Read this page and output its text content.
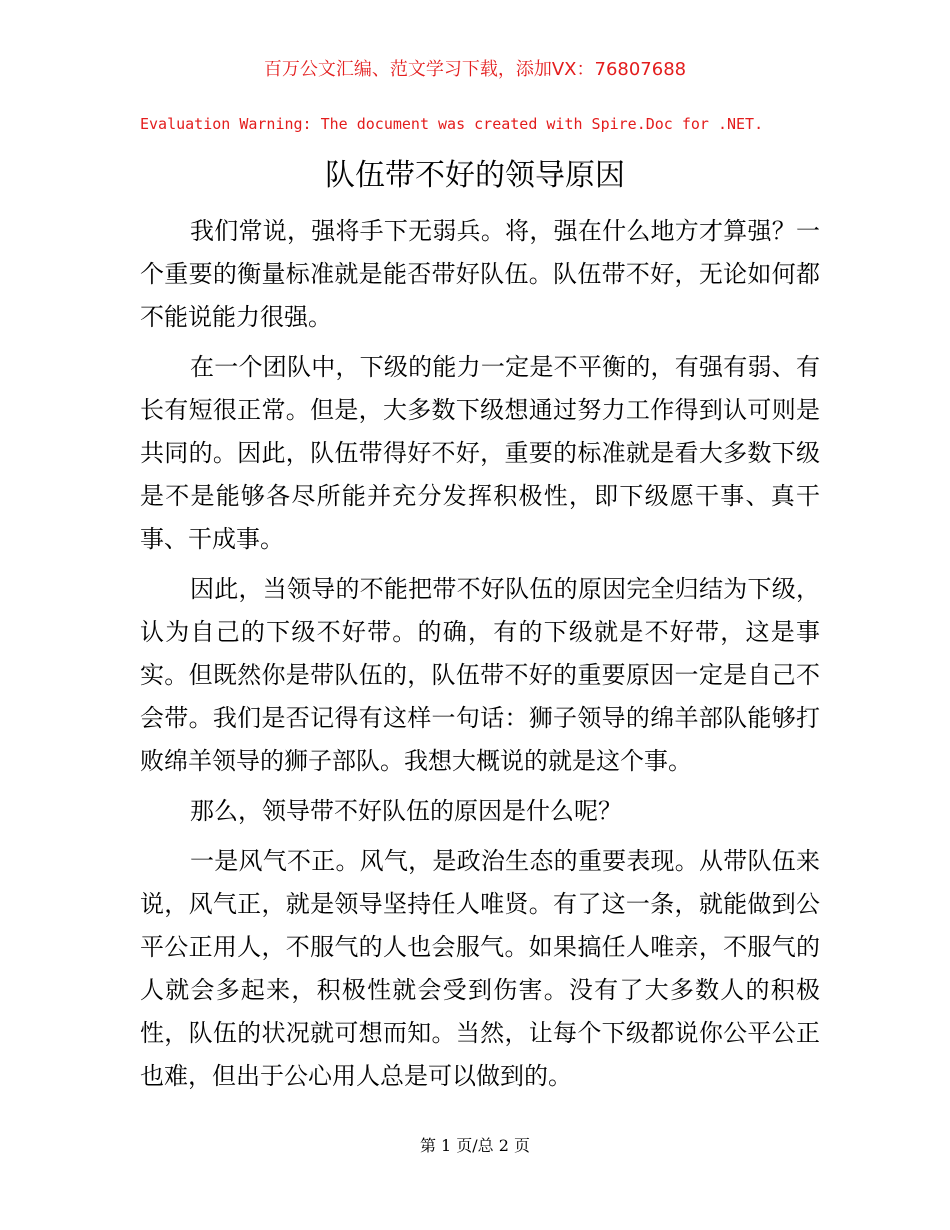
百万公文汇编、范文学习下载，添加VX：76807688
Evaluation Warning: The document was created with Spire.Doc for .NET.
队伍带不好的领导原因

我们常说，强将手下无弱兵。将，强在什么地方才算强？一个重要的衡量标准就是能否带好队伍。队伍带不好，无论如何都不能说能力很强。

在一个团队中，下级的能力一定是不平衡的，有强有弱、有长有短很正常。但是，大多数下级想通过努力工作得到认可则是共同的。因此，队伍带得好不好，重要的标准就是看大多数下级是不是能够各尽所能并充分发挥积极性，即下级愿干事、真干事、干成事。

因此，当领导的不能把带不好队伍的原因完全归结为下级，认为自己的下级不好带。的确，有的下级就是不好带，这是事实。但既然你是带队伍的，队伍带不好的重要原因一定是自己不会带。我们是否记得有这样一句话：狮子领导的绵羊部队能够打败绵羊领导的狮子部队。我想大概说的就是这个事。

那么，领导带不好队伍的原因是什么呢？

一是风气不正。风气，是政治生态的重要表现。从带队伍来说，风气正，就是领导坚持任人唯贤。有了这一条，就能做到公平公正用人，不服气的人也会服气。如果搞任人唯亲，不服气的人就会多起来，积极性就会受到伤害。没有了大多数人的积极性，队伍的状况就可想而知。当然，让每个下级都说你公平公正也难，但出于公心用人总是可以做到的。

第 1 页/总 2 页
